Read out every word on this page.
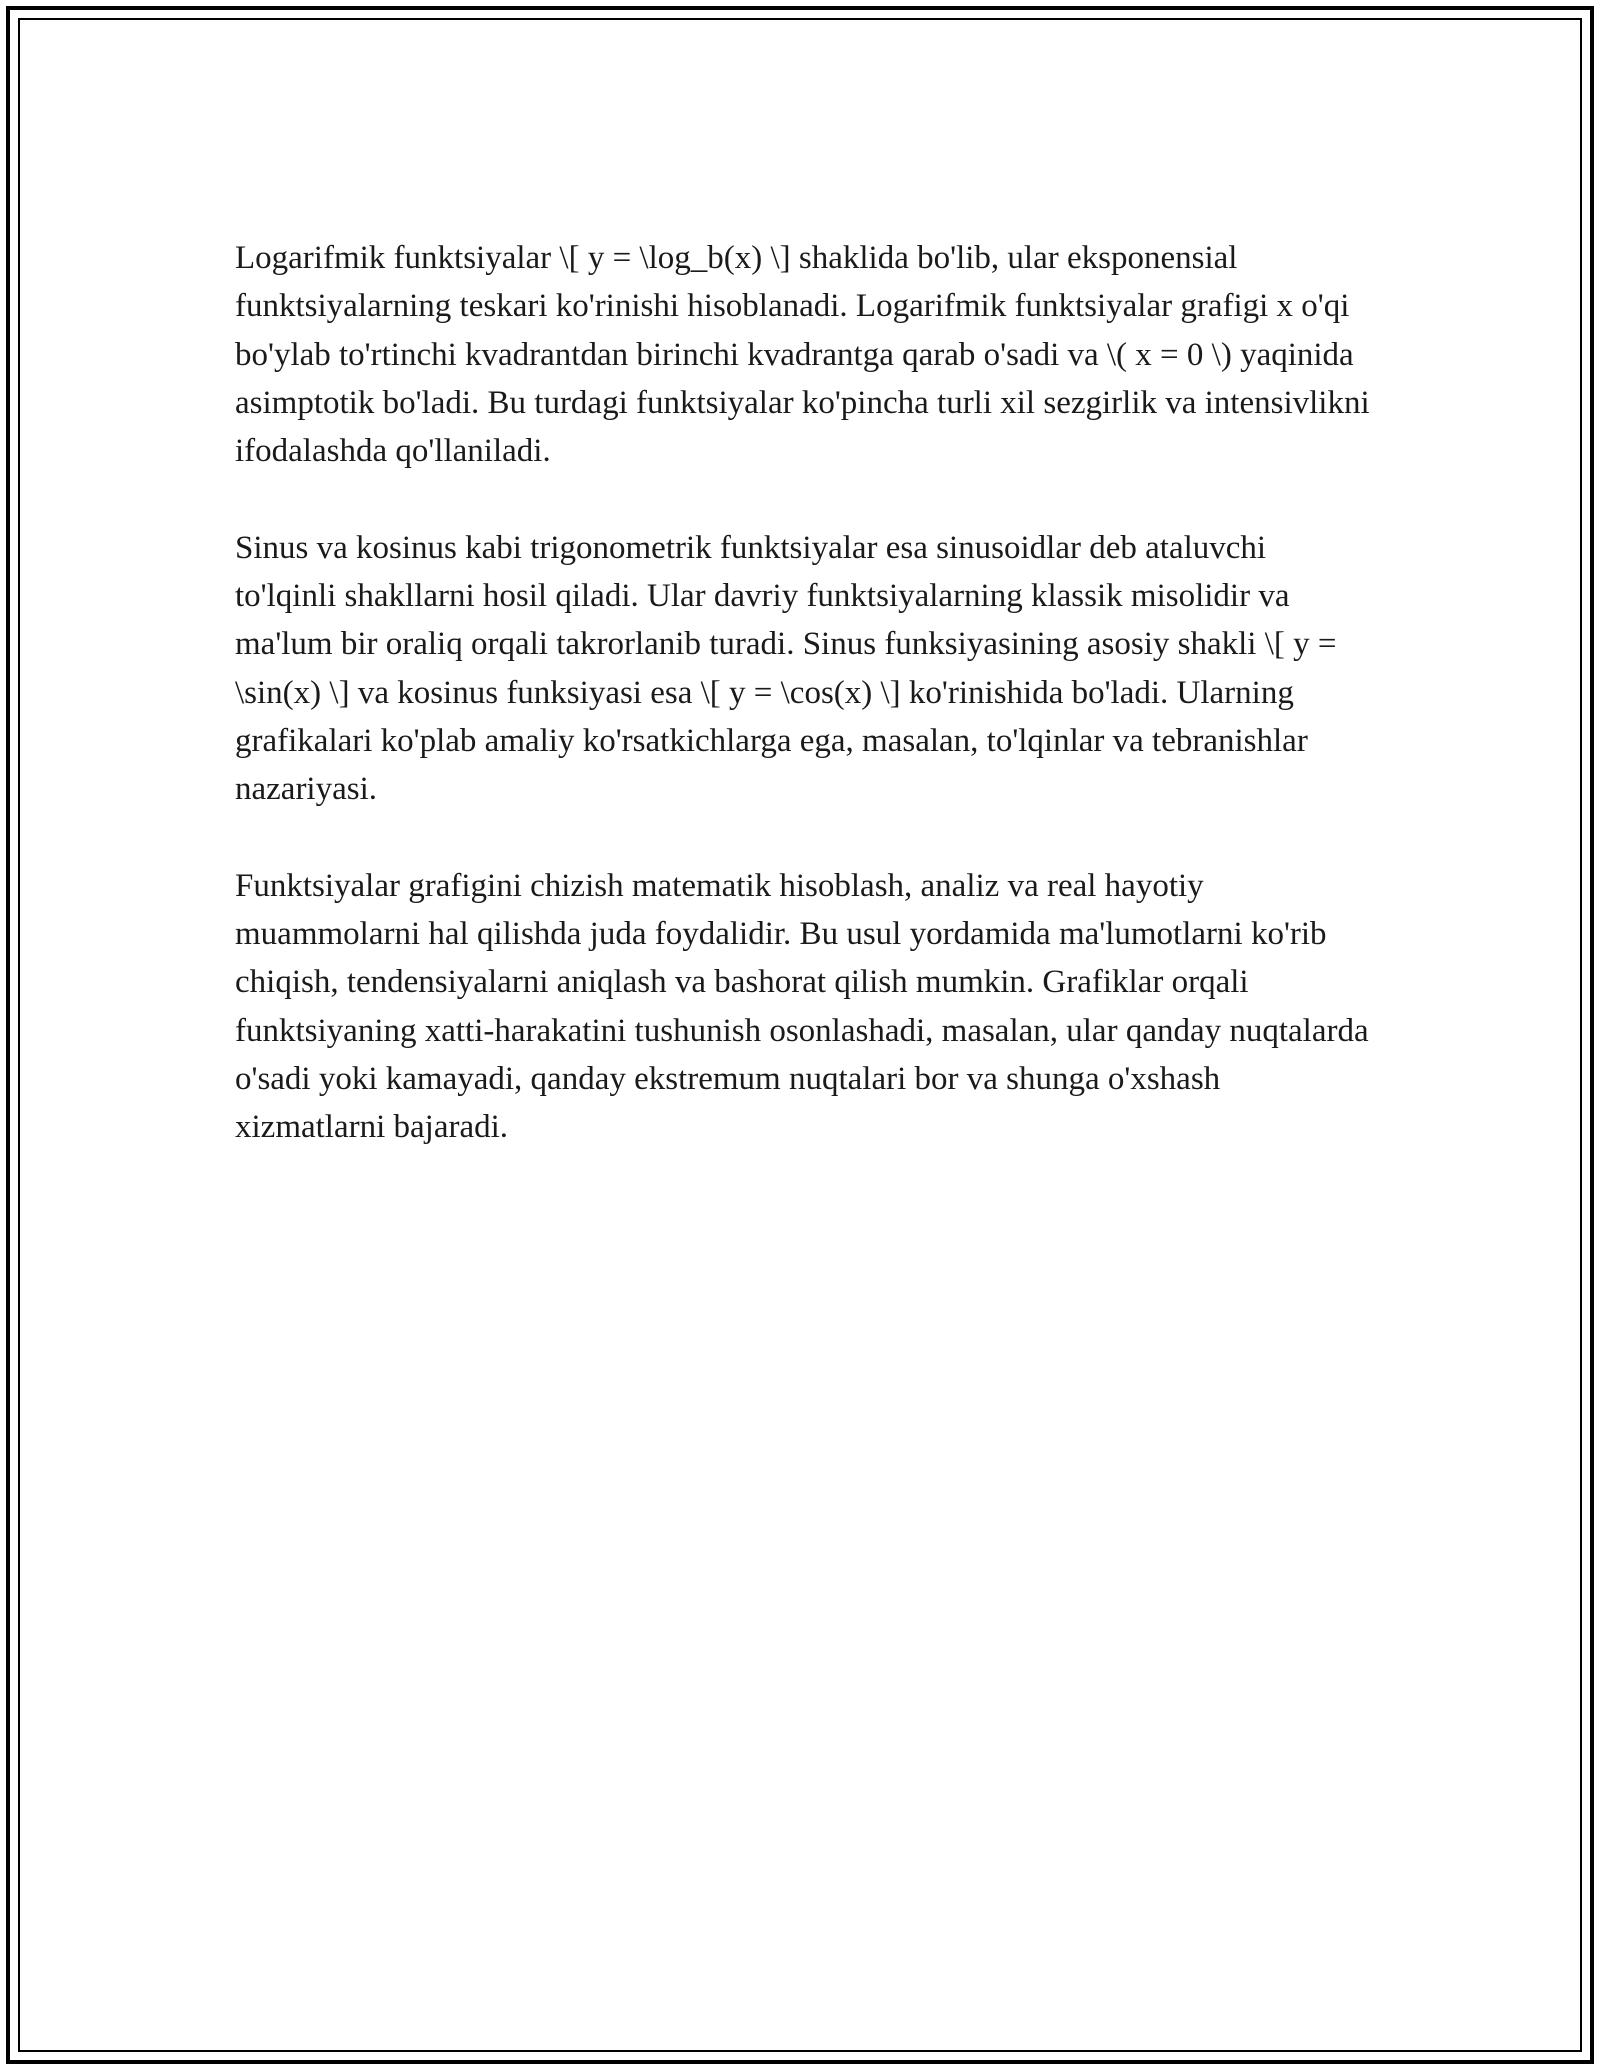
Logarifmik funktsiyalar \[ y = \log_b(x) \] shaklida bo'lib, ular eksponensial funktsiyalarning teskari ko'rinishi hisoblanadi. Logarifmik funktsiyalar grafigi x o'qi bo'ylab to'rtinchi kvadrantdan birinchi kvadrantga qarab o'sadi va \( x = 0 \) yaqinida asimptotik bo'ladi. Bu turdagi funktsiyalar ko'pincha turli xil sezgirlik va intensivlikni ifodalashda qo'llaniladi.

Sinus va kosinus kabi trigonometrik funktsiyalar esa sinusoidlar deb ataluvchi to'lqinli shakllarni hosil qiladi. Ular davriy funktsiyalarning klassik misolidir va ma'lum bir oraliq orqali takrorlanib turadi. Sinus funksiyasining asosiy shakli \[ y = \sin(x) \] va kosinus funksiyasi esa \[ y = \cos(x) \] ko'rinishida bo'ladi. Ularning grafikalari ko'plab amaliy ko'rsatkichlarga ega, masalan, to'lqinlar va tebranishlar nazariyasi.

Funktsiyalar grafigini chizish matematik hisoblash, analiz va real hayotiy muammolarni hal qilishda juda foydalidir. Bu usul yordamida ma'lumotlarni ko'rib chiqish, tendensiyalarni aniqlash va bashorat qilish mumkin. Grafiklar orqali funktsiyaning xatti-harakatini tushunish osonlashadi, masalan, ular qanday nuqtalarda o'sadi yoki kamayadi, qanday ekstremum nuqtalari bor va shunga o'xshash xizmatlarni bajaradi.
